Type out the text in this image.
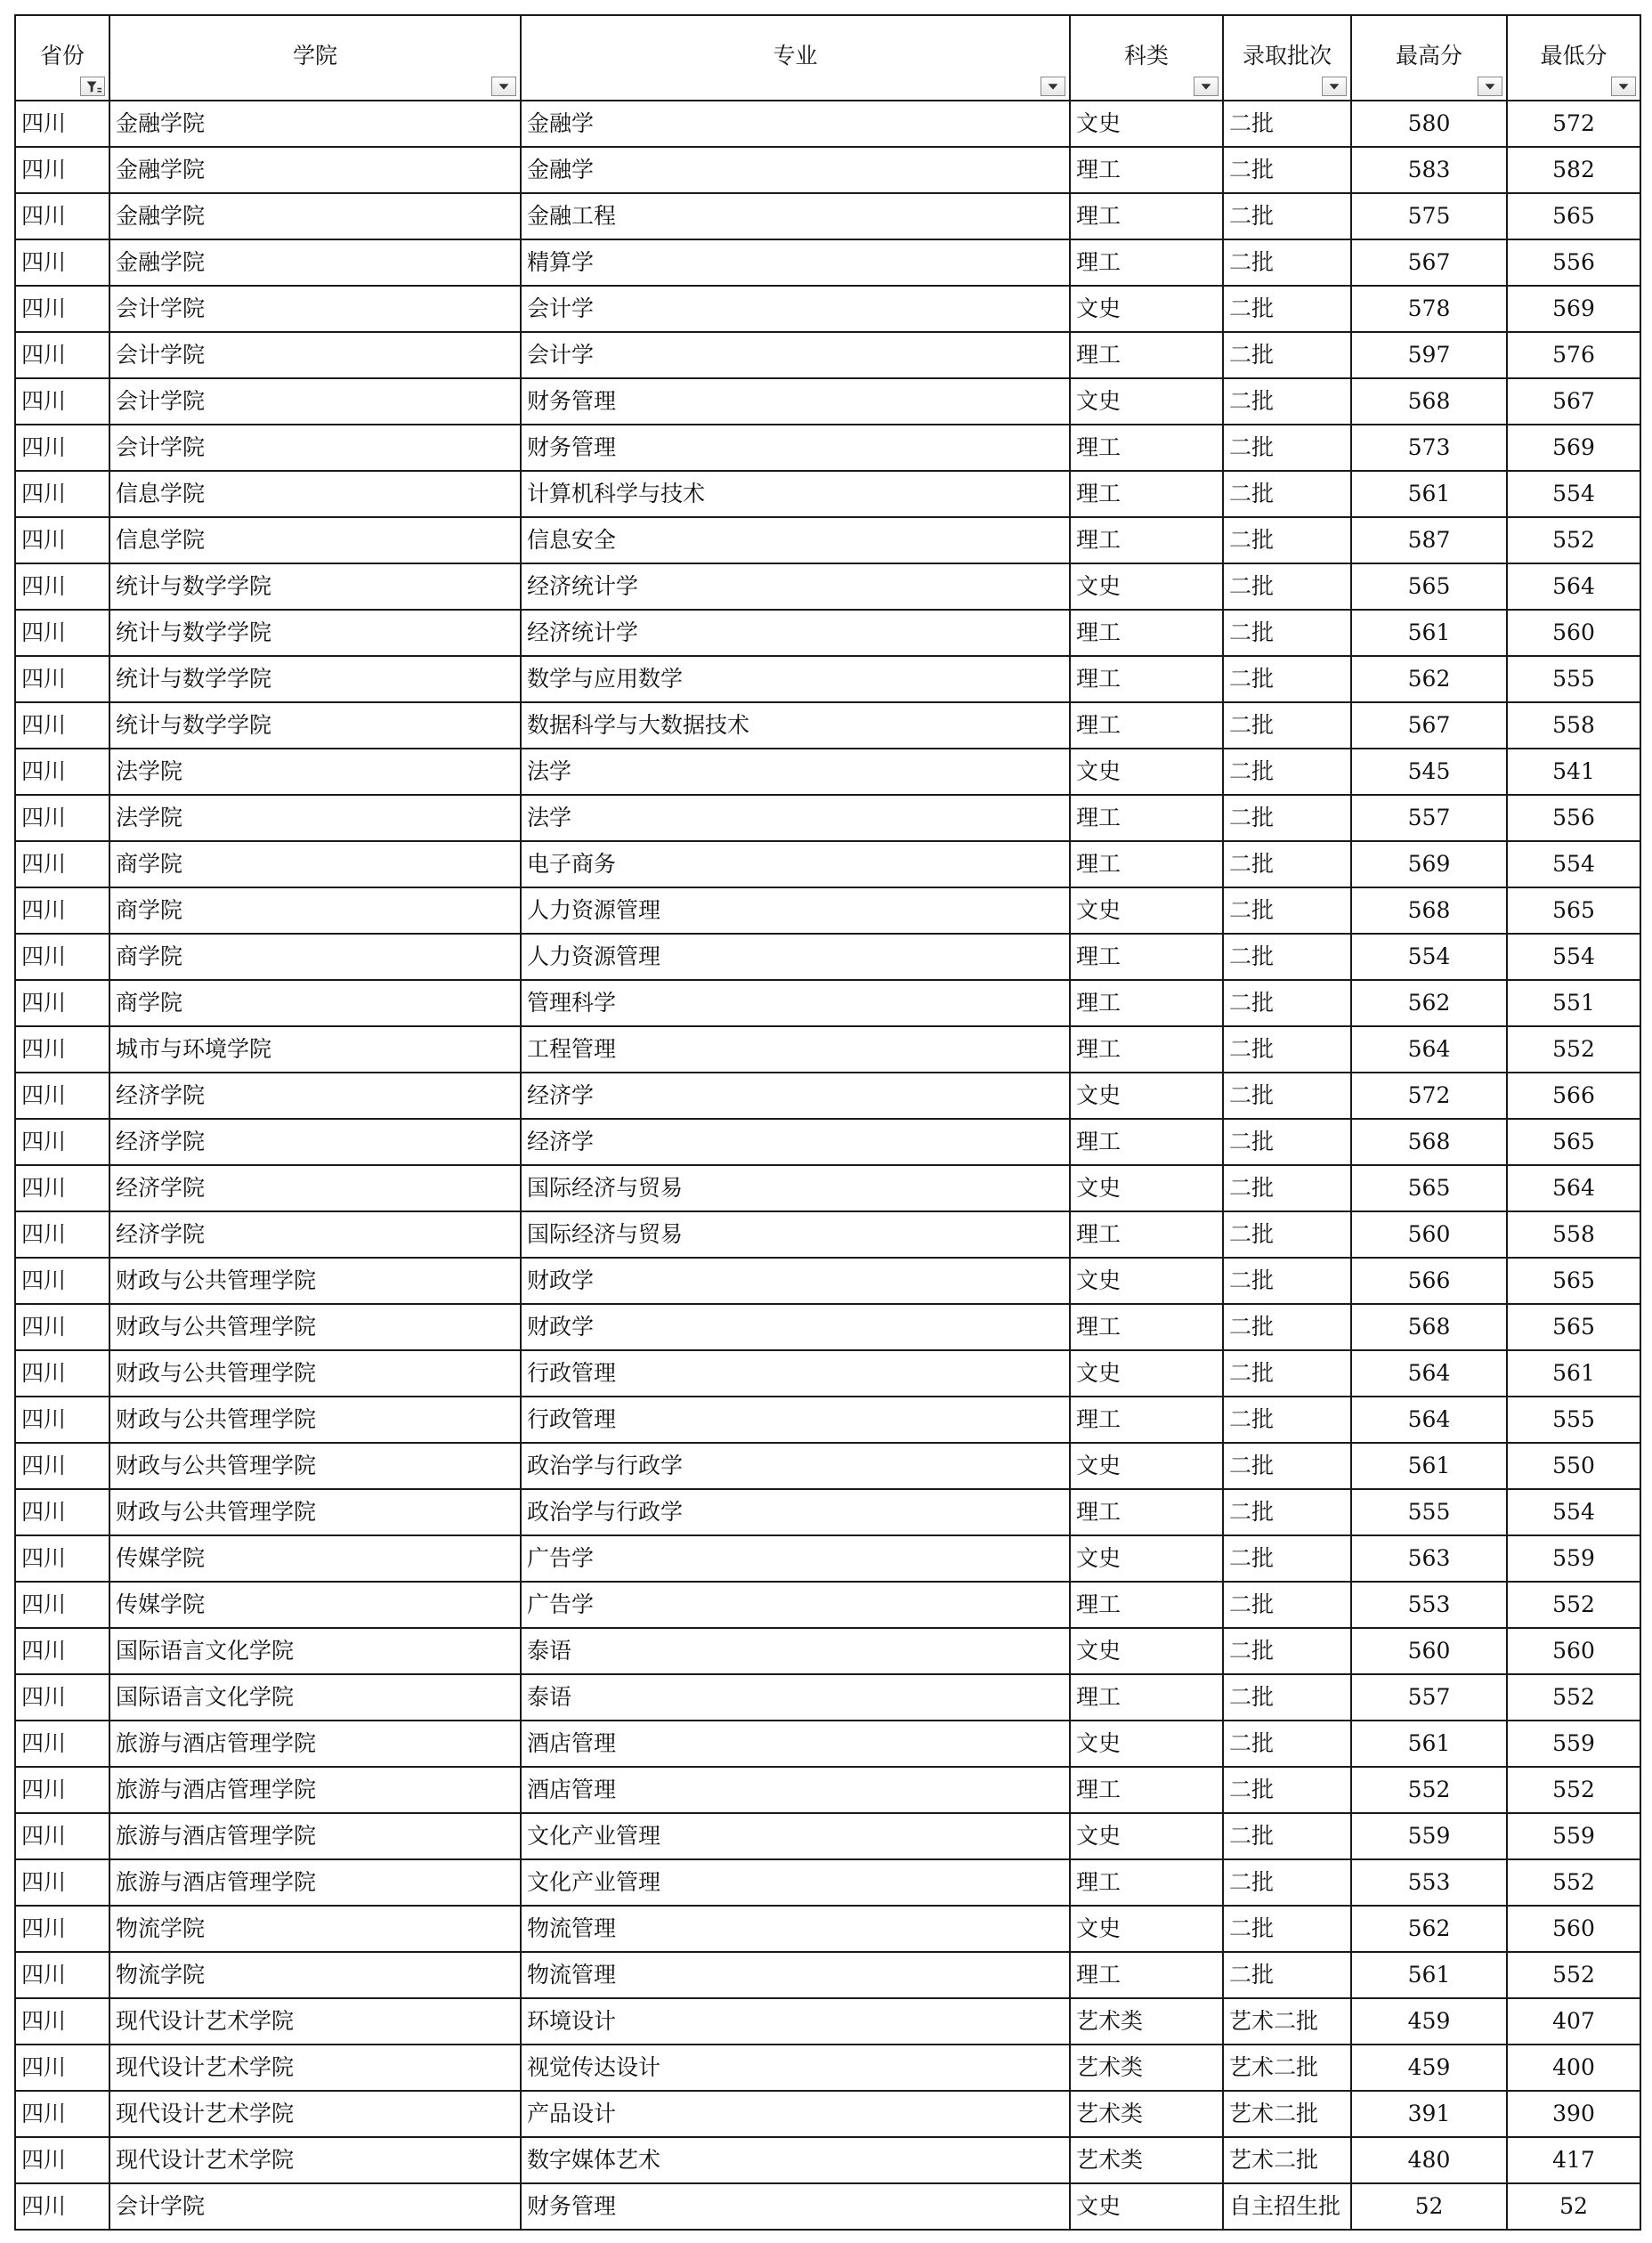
省份	学院	专业	科类	录取批次	最高分	最低分

四川	金融学院	金融学	文史	二批	580	572
四川	金融学院	金融学	理工	二批	583	582
四川	金融学院	金融工程	理工	二批	575	565
四川	金融学院	精算学	理工	二批	567	556
四川	会计学院	会计学	文史	二批	578	569
四川	会计学院	会计学	理工	二批	597	576
四川	会计学院	财务管理	文史	二批	568	567
四川	会计学院	财务管理	理工	二批	573	569
四川	信息学院	计算机科学与技术	理工	二批	561	554
四川	信息学院	信息安全	理工	二批	587	552
四川	统计与数学学院	经济统计学	文史	二批	565	564
四川	统计与数学学院	经济统计学	理工	二批	561	560
四川	统计与数学学院	数学与应用数学	理工	二批	562	555
四川	统计与数学学院	数据科学与大数据技术	理工	二批	567	558
四川	法学院	法学	文史	二批	545	541
四川	法学院	法学	理工	二批	557	556
四川	商学院	电子商务	理工	二批	569	554
四川	商学院	人力资源管理	文史	二批	568	565
四川	商学院	人力资源管理	理工	二批	554	554
四川	商学院	管理科学	理工	二批	562	551
四川	城市与环境学院	工程管理	理工	二批	564	552
四川	经济学院	经济学	文史	二批	572	566
四川	经济学院	经济学	理工	二批	568	565
四川	经济学院	国际经济与贸易	文史	二批	565	564
四川	经济学院	国际经济与贸易	理工	二批	560	558
四川	财政与公共管理学院	财政学	文史	二批	566	565
四川	财政与公共管理学院	财政学	理工	二批	568	565
四川	财政与公共管理学院	行政管理	文史	二批	564	561
四川	财政与公共管理学院	行政管理	理工	二批	564	555
四川	财政与公共管理学院	政治学与行政学	文史	二批	561	550
四川	财政与公共管理学院	政治学与行政学	理工	二批	555	554
四川	传媒学院	广告学	文史	二批	563	559
四川	传媒学院	广告学	理工	二批	553	552
四川	国际语言文化学院	泰语	文史	二批	560	560
四川	国际语言文化学院	泰语	理工	二批	557	552
四川	旅游与酒店管理学院	酒店管理	文史	二批	561	559
四川	旅游与酒店管理学院	酒店管理	理工	二批	552	552
四川	旅游与酒店管理学院	文化产业管理	文史	二批	559	559
四川	旅游与酒店管理学院	文化产业管理	理工	二批	553	552
四川	物流学院	物流管理	文史	二批	562	560
四川	物流学院	物流管理	理工	二批	561	552
四川	现代设计艺术学院	环境设计	艺术类	艺术二批	459	407
四川	现代设计艺术学院	视觉传达设计	艺术类	艺术二批	459	400
四川	现代设计艺术学院	产品设计	艺术类	艺术二批	391	390
四川	现代设计艺术学院	数字媒体艺术	艺术类	艺术二批	480	417
四川	会计学院	财务管理	文史	自主招生批	52	52
